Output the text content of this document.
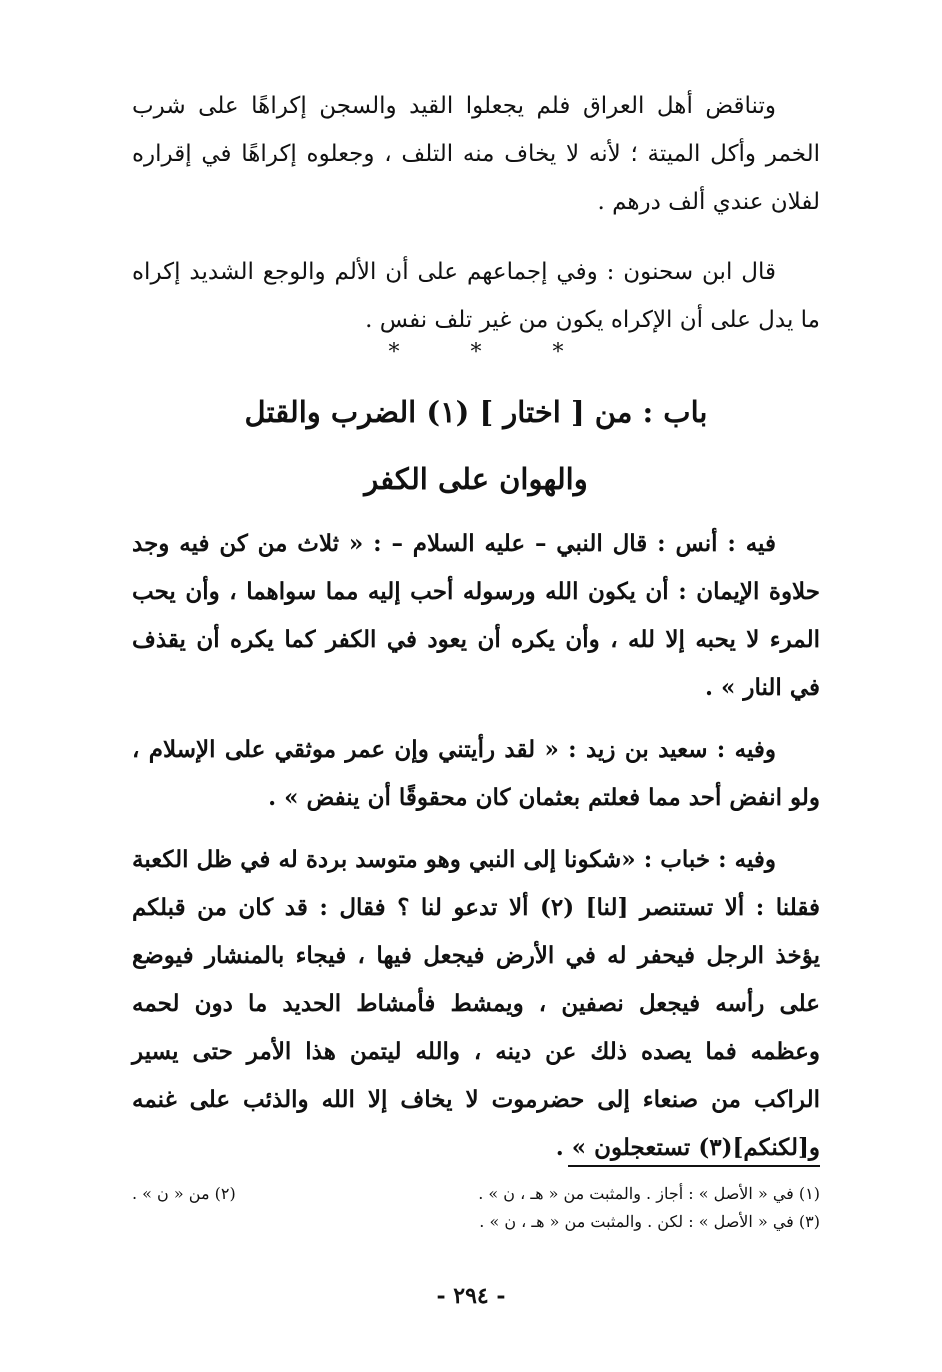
وتناقض أهل العراق فلم يجعلوا القيد والسجن إكراهًا على شرب الخمر وأكل الميتة ؛ لأنه لا يخاف منه التلف ، وجعلوه إكراهًا في إقراره لفلان عندي ألف درهم .

قال ابن سحنون : وفي إجماعهم على أن الألم والوجع الشديد إكراه ما يدل على أن الإكراه يكون من غير تلف نفس .

*	*	*
باب : من [ اختار ] (١) الضرب والقتل
والهوان على الكفر

فيه : أنس : قال النبي – عليه السلام – : « ثلاث من كن فيه وجد حلاوة الإيمان : أن يكون الله ورسوله أحب إليه مما سواهما ، وأن يحب المرء لا يحبه إلا لله ، وأن يكره أن يعود في الكفر كما يكره أن يقذف في النار » .

وفيه : سعيد بن زيد : « لقد رأيتني وإن عمر موثقي على الإسلام ، ولو انفض أحد مما فعلتم بعثمان كان محقوقًا أن ينفض » .

وفيه : خباب : «شكونا إلى النبي وهو متوسد بردة له في ظل الكعبة فقلنا : ألا تستنصر [لنا] (٢) ألا تدعو لنا ؟ فقال : قد كان من قبلكم يؤخذ الرجل فيحفر له في الأرض فيجعل فيها ، فيجاء بالمنشار فيوضع على رأسه فيجعل نصفين ، ويمشط فأمشاط الحديد ما دون لحمه وعظمه فما يصده ذلك عن دينه ، والله ليتمن هذا الأمر حتى يسير الراكب من صنعاء إلى حضرموت لا يخاف إلا الله والذئب على غنمه و[لكنكم](٣) تستعجلون » .

(١) في « الأصل » : أجاز . والمثبت من « هـ ، ن » .
(٢) من « ن » .
(٣) في « الأصل » : لكن . والمثبت من « هـ ، ن » .
- ٢٩٤ -
